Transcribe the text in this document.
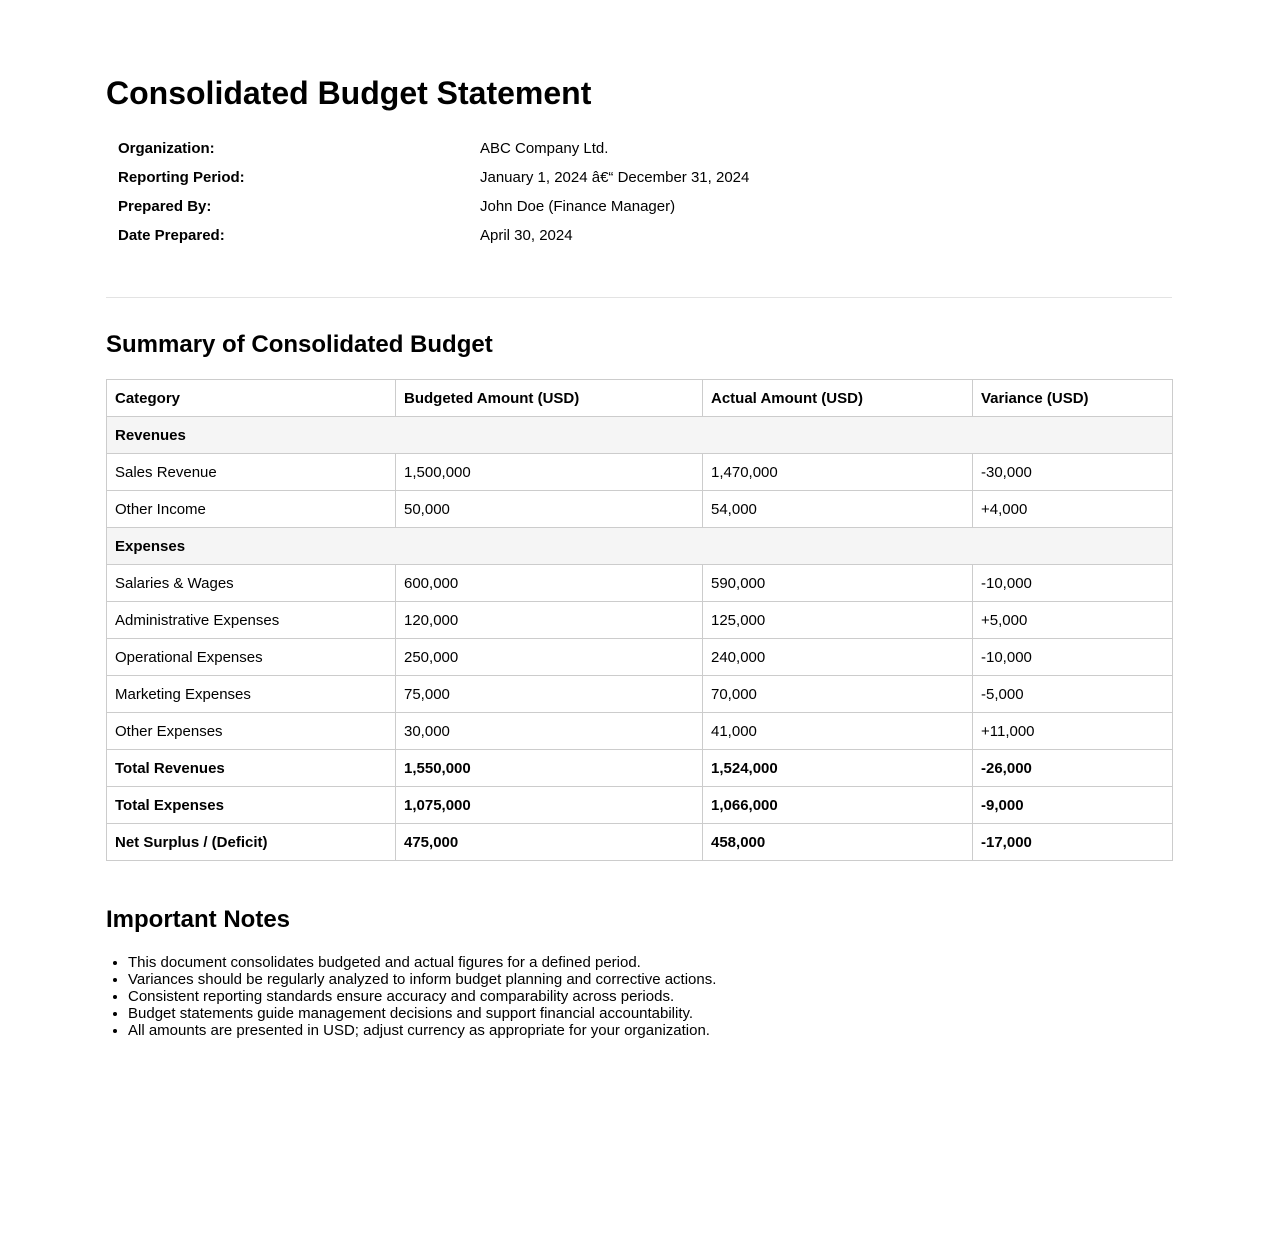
Consolidated Budget Statement
Organization:	ABC Company Ltd.
Reporting Period:	January 1, 2024 â€“ December 31, 2024
Prepared By:	John Doe (Finance Manager)
Date Prepared:	April 30, 2024
Summary of Consolidated Budget
Category	Budgeted Amount (USD)	Actual Amount (USD)	Variance (USD)
Revenues			
Sales Revenue	1,500,000	1,470,000	-30,000
Other Income	50,000	54,000	+4,000
Expenses			
Salaries & Wages	600,000	590,000	-10,000
Administrative Expenses	120,000	125,000	+5,000
Operational Expenses	250,000	240,000	-10,000
Marketing Expenses	75,000	70,000	-5,000
Other Expenses	30,000	41,000	+11,000
Total Revenues	1,550,000	1,524,000	-26,000
Total Expenses	1,075,000	1,066,000	-9,000
Net Surplus / (Deficit)	475,000	458,000	-17,000
Important Notes
• This document consolidates budgeted and actual figures for a defined period.
• Variances should be regularly analyzed to inform budget planning and corrective actions.
• Consistent reporting standards ensure accuracy and comparability across periods.
• Budget statements guide management decisions and support financial accountability.
• All amounts are presented in USD; adjust currency as appropriate for your organization.
